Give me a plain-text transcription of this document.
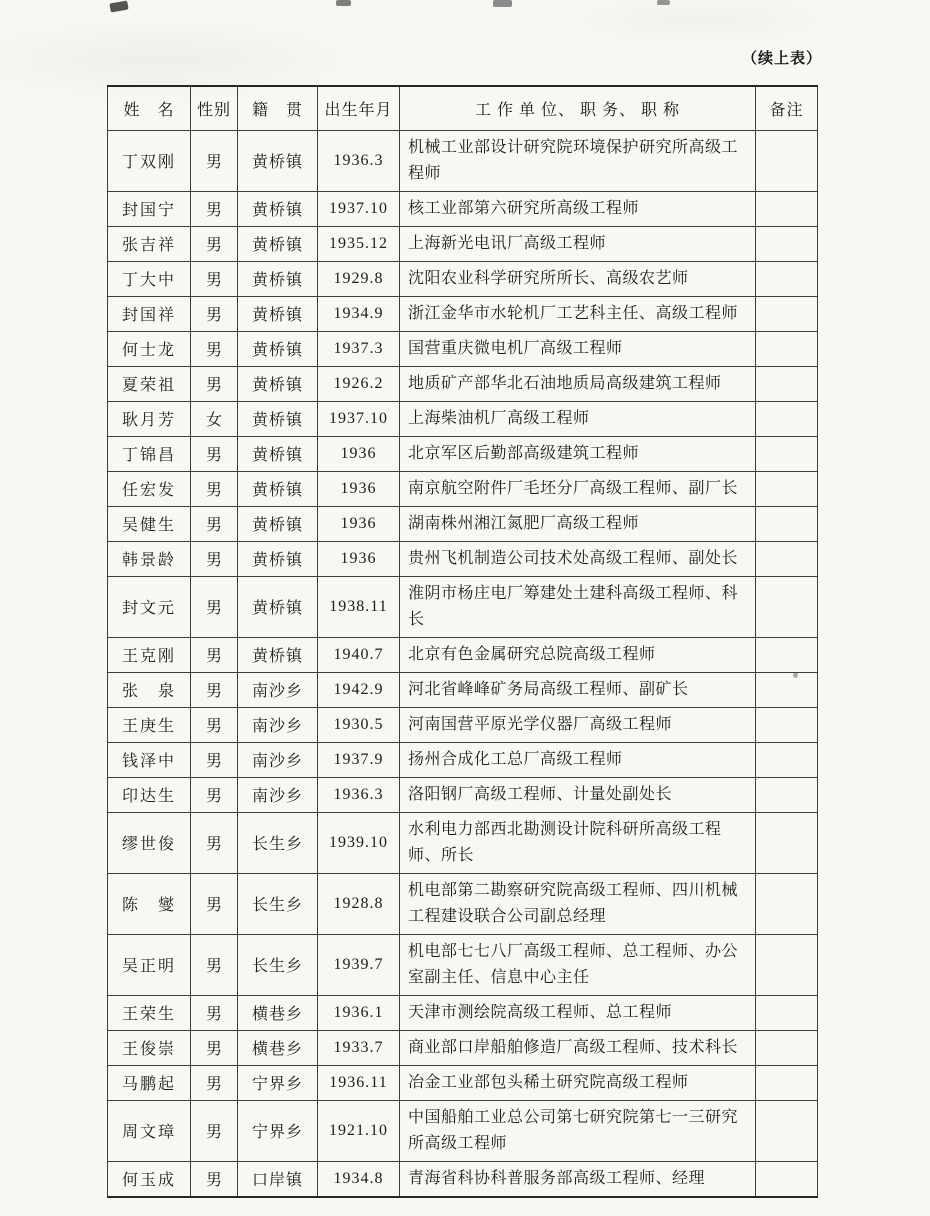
（续上表）
姓　名	性别	籍　贯	出生年月	工 作 单 位、 职 务、 职 称	备注
丁双刚	男	黄桥镇	1936.3	机械工业部设计研究院环境保护研究所高级工程师	
封国宁	男	黄桥镇	1937.10	核工业部第六研究所高级工程师	
张吉祥	男	黄桥镇	1935.12	上海新光电讯厂高级工程师	
丁大中	男	黄桥镇	1929.8	沈阳农业科学研究所所长、高级农艺师	
封国祥	男	黄桥镇	1934.9	浙江金华市水轮机厂工艺科主任、高级工程师	
何士龙	男	黄桥镇	1937.3	国营重庆微电机厂高级工程师	
夏荣祖	男	黄桥镇	1926.2	地质矿产部华北石油地质局高级建筑工程师	
耿月芳	女	黄桥镇	1937.10	上海柴油机厂高级工程师	
丁锦昌	男	黄桥镇	1936	北京军区后勤部高级建筑工程师	
任宏发	男	黄桥镇	1936	南京航空附件厂毛坯分厂高级工程师、副厂长	
吴健生	男	黄桥镇	1936	湖南株州湘江氮肥厂高级工程师	
韩景龄	男	黄桥镇	1936	贵州飞机制造公司技术处高级工程师、副处长	
封文元	男	黄桥镇	1938.11	淮阴市杨庄电厂筹建处土建科高级工程师、科长	
王克刚	男	黄桥镇	1940.7	北京有色金属研究总院高级工程师	
张　泉	男	南沙乡	1942.9	河北省峰峰矿务局高级工程师、副矿长	
王庚生	男	南沙乡	1930.5	河南国营平原光学仪器厂高级工程师	
钱泽中	男	南沙乡	1937.9	扬州合成化工总厂高级工程师	
印达生	男	南沙乡	1936.3	洛阳钢厂高级工程师、计量处副处长	
缪世俊	男	长生乡	1939.10	水利电力部西北勘测设计院科研所高级工程师、所长	
陈　燮	男	长生乡	1928.8	机电部第二勘察研究院高级工程师、四川机械工程建设联合公司副总经理	
吴正明	男	长生乡	1939.7	机电部七七八厂高级工程师、总工程师、办公室副主任、信息中心主任	
王荣生	男	横巷乡	1936.1	天津市测绘院高级工程师、总工程师	
王俊崇	男	横巷乡	1933.7	商业部口岸船舶修造厂高级工程师、技术科长	
马鹏起	男	宁界乡	1936.11	冶金工业部包头稀土研究院高级工程师	
周文璋	男	宁界乡	1921.10	中国船舶工业总公司第七研究院第七一三研究所高级工程师	
何玉成	男	口岸镇	1934.8	青海省科协科普服务部高级工程师、经理	
